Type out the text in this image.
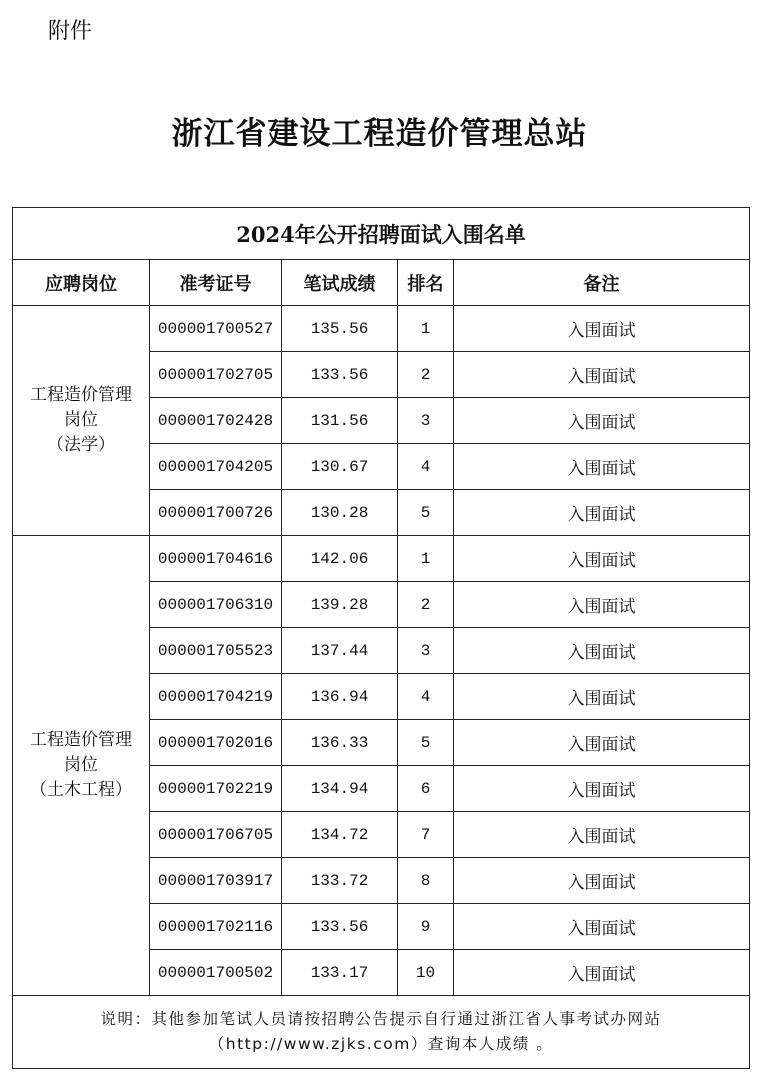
附件
浙江省建设工程造价管理总站
2024年公开招聘面试入围名单				
应聘岗位	准考证号	笔试成绩	排名	备注

工程造价管理
岗位
（法学）	000001700527	135.56	1	入围面试
	000001702705	133.56	2	入围面试
	000001702428	131.56	3	入围面试
	000001704205	130.67	4	入围面试
	000001700726	130.28	5	入围面试

工程造价管理
岗位
（土木工程）	000001704616	142.06	1	入围面试
	000001706310	139.28	2	入围面试
	000001705523	137.44	3	入围面试
	000001704219	136.94	4	入围面试
	000001702016	136.33	5	入围面试
	000001702219	134.94	6	入围面试
	000001706705	134.72	7	入围面试
	000001703917	133.72	8	入围面试
	000001702116	133.56	9	入围面试
	000001700502	133.17	10	入围面试
说明：其他参加笔试人员请按招聘公告提示自行通过浙江省人事考试办网站（http://www.zjks.com）查询本人成绩 。				
